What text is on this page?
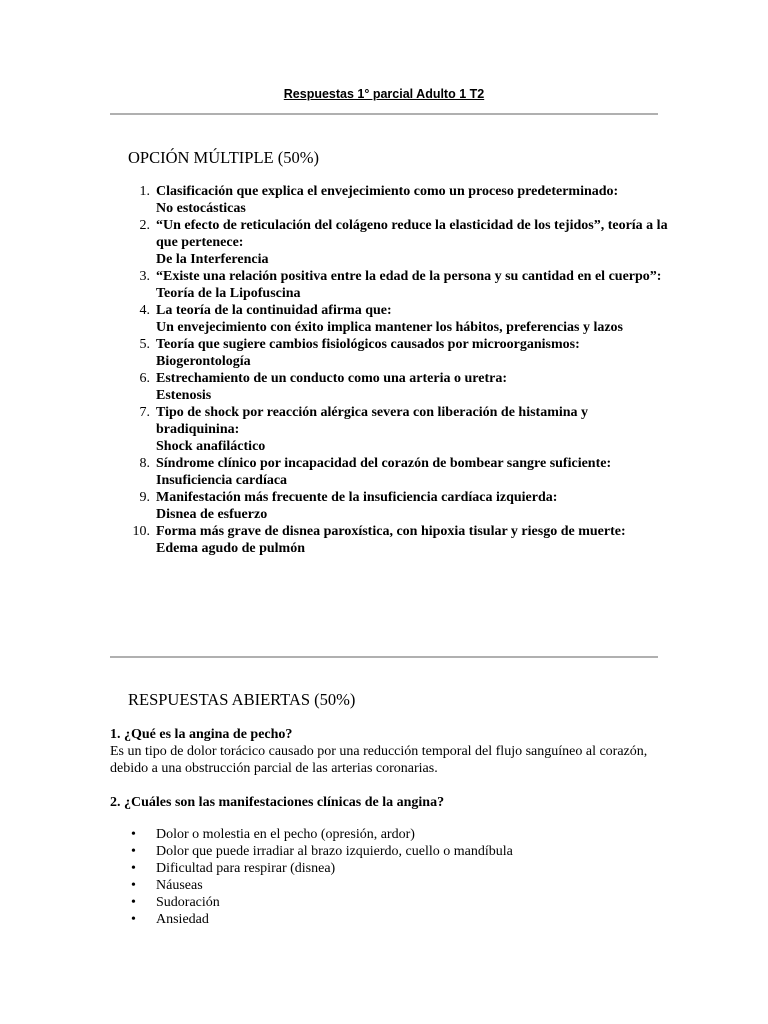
Respuestas 1° parcial Adulto 1 T2
OPCIÓN MÚLTIPLE (50%)
1. Clasificación que explica el envejecimiento como un proceso predeterminado:
No estocásticas
2. “Un efecto de reticulación del colágeno reduce la elasticidad de los tejidos”, teoría a la que pertenece:
De la Interferencia
3. “Existe una relación positiva entre la edad de la persona y su cantidad en el cuerpo”:
Teoría de la Lipofuscina
4. La teoría de la continuidad afirma que:
Un envejecimiento con éxito implica mantener los hábitos, preferencias y lazos
5. Teoría que sugiere cambios fisiológicos causados por microorganismos:
Biogerontología
6. Estrechamiento de un conducto como una arteria o uretra:
Estenosis
7. Tipo de shock por reacción alérgica severa con liberación de histamina y bradiquinina:
Shock anafiláctico
8. Síndrome clínico por incapacidad del corazón de bombear sangre suficiente:
Insuficiencia cardíaca
9. Manifestación más frecuente de la insuficiencia cardíaca izquierda:
Disnea de esfuerzo
10. Forma más grave de disnea paroxística, con hipoxia tisular y riesgo de muerte:
Edema agudo de pulmón
RESPUESTAS ABIERTAS (50%)
1. ¿Qué es la angina de pecho?
Es un tipo de dolor torácico causado por una reducción temporal del flujo sanguíneo al corazón, debido a una obstrucción parcial de las arterias coronarias.
2. ¿Cuáles son las manifestaciones clínicas de la angina?
• Dolor o molestia en el pecho (opresión, ardor)
• Dolor que puede irradiar al brazo izquierdo, cuello o mandíbula
• Dificultad para respirar (disnea)
• Náuseas
• Sudoración
• Ansiedad
